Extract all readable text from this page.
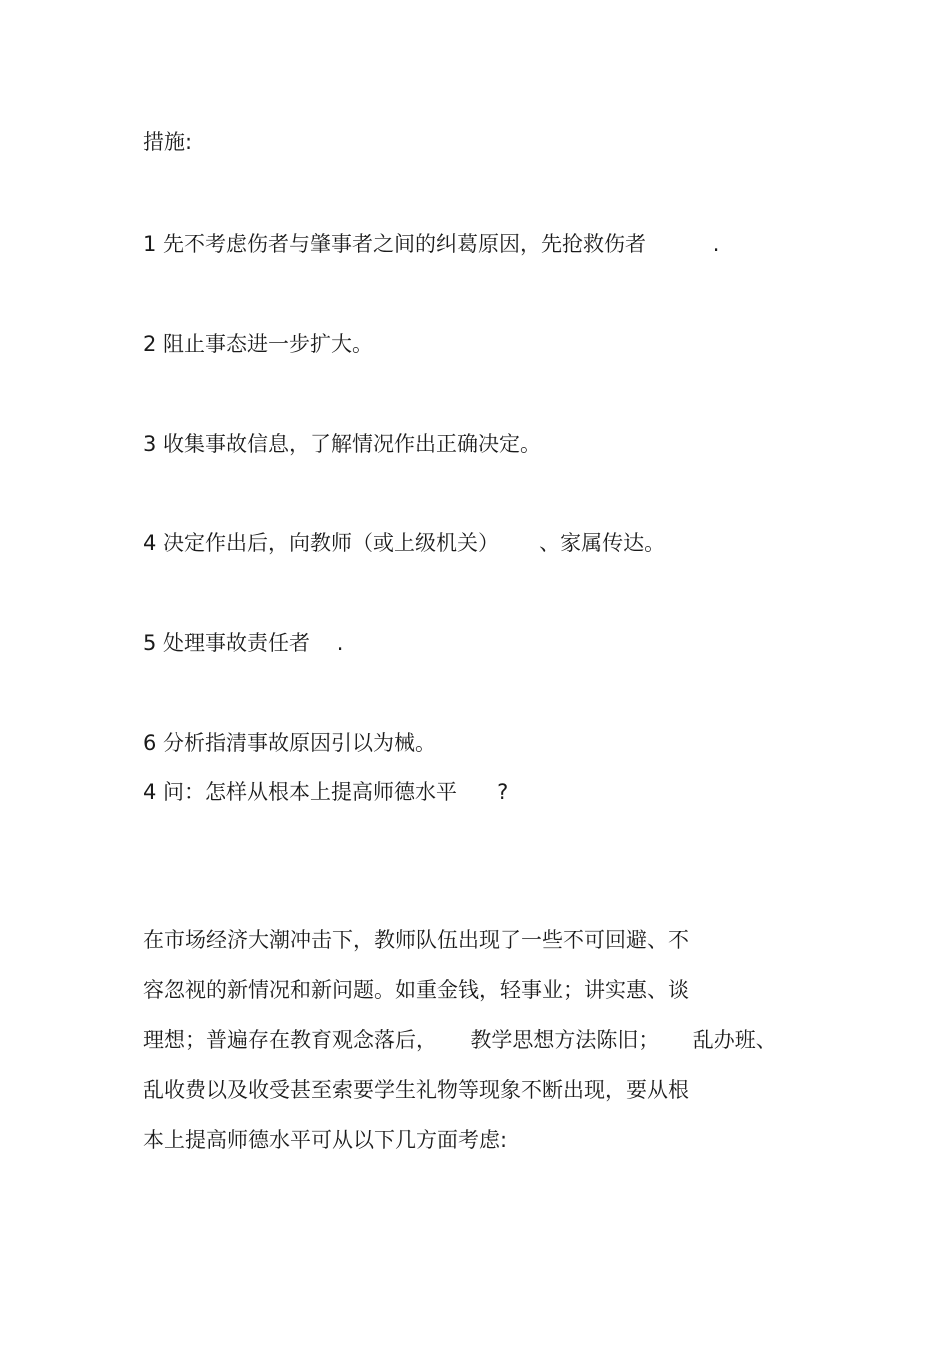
措施:
1 先不考虑伤者与肇事者之间的纠葛原因，先抢救伤者          .
2 阻止事态进一步扩大。
3 收集事故信息，了解情况作出正确决定。
4 决定作出后，向教师（或上级机关）      、家属传达。
5 处理事故责任者    .
6 分析指清事故原因引以为械。
4 问：怎样从根本上提高师德水平      ?
在市场经济大潮冲击下，教师队伍出现了一些不可回避、不
容忽视的新情况和新问题。如重金钱，轻事业；讲实惠、谈
理想；普遍存在教育观念落后，     教学思想方法陈旧；     乱办班、
乱收费以及收受甚至索要学生礼物等现象不断出现，要从根
本上提高师德水平可从以下几方面考虑:
